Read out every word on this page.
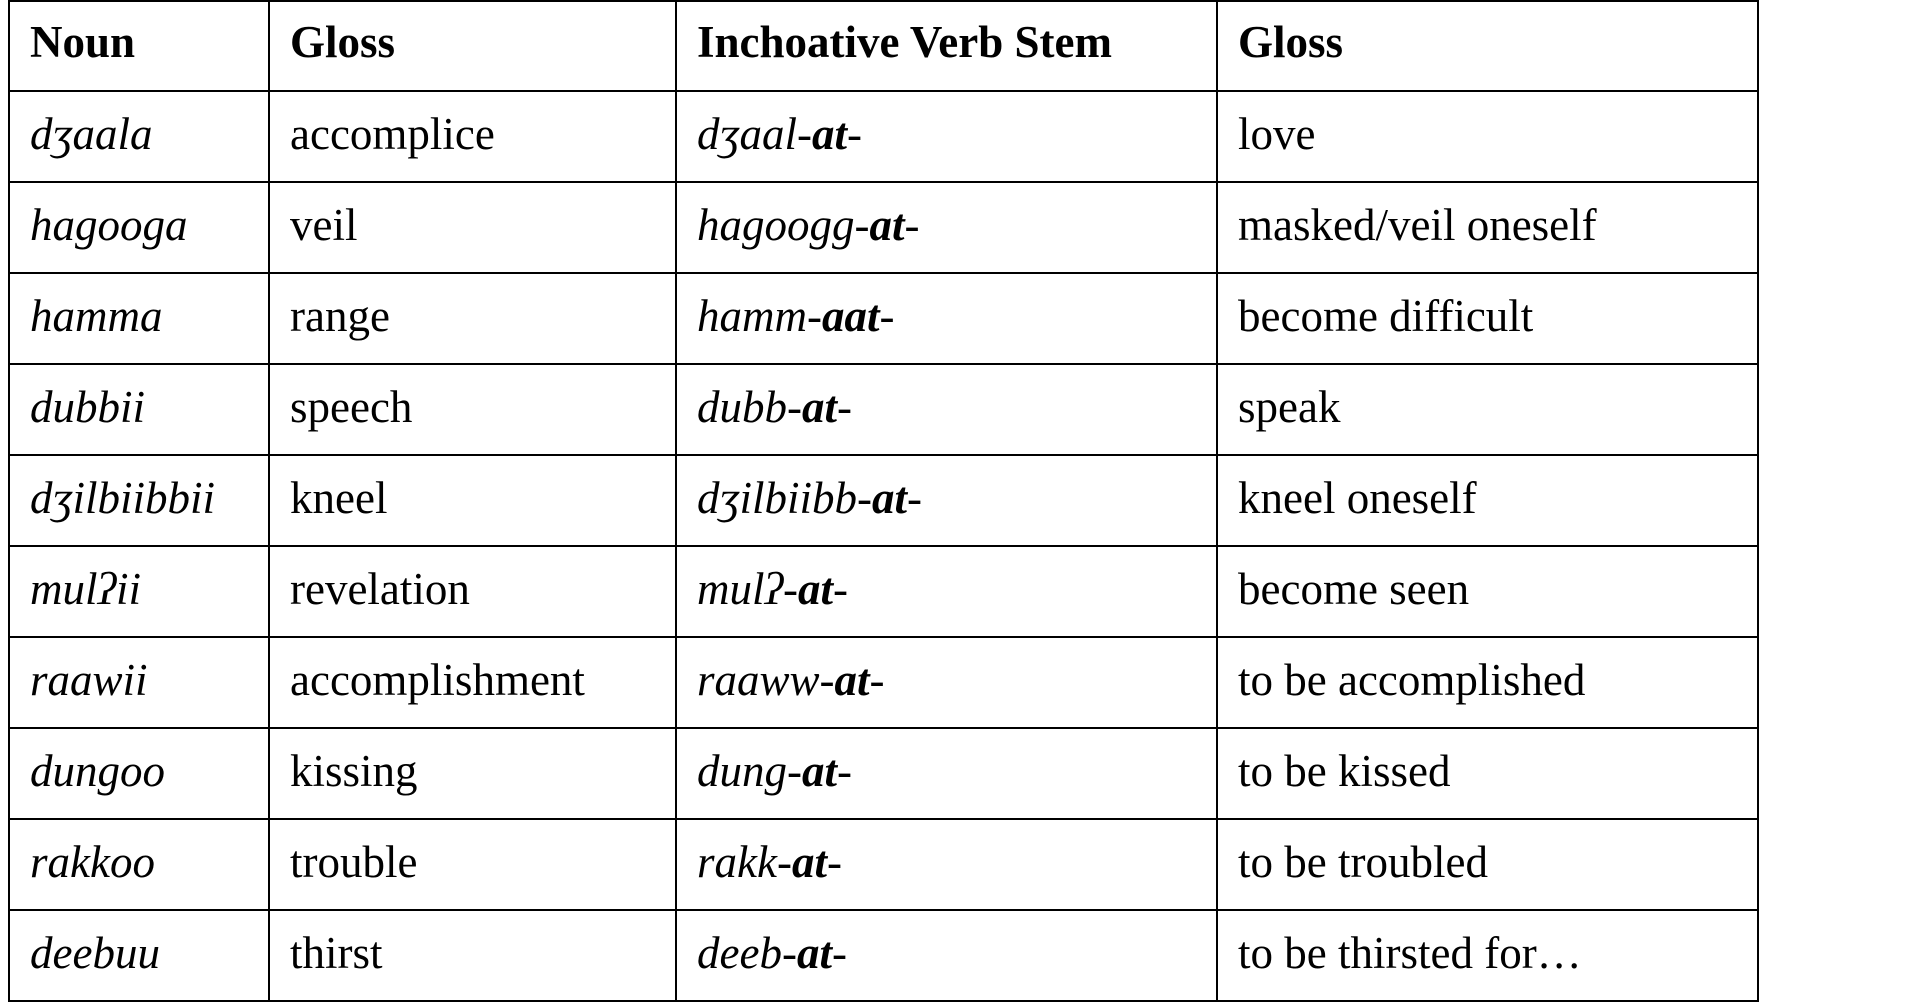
Noun	Gloss	Inchoative Verb Stem	Gloss
dʒaala	accomplice	dʒaal-at-	love
hagooga	veil	hagoogg-at-	masked/veil oneself
hamma	range	hamm-aat-	become difficult
dubbii	speech	dubb-at-	speak
dʒilbiibbii	kneel	dʒilbiibb-at-	kneel oneself
mulʔii	revelation	mulʔ-at-	become seen
raawii	accomplishment	raaww-at-	to be accomplished
dungoo	kissing	dung-at-	to be kissed
rakkoo	trouble	rakk-at-	to be troubled
deebuu	thirst	deeb-at-	to be thirsted for…
